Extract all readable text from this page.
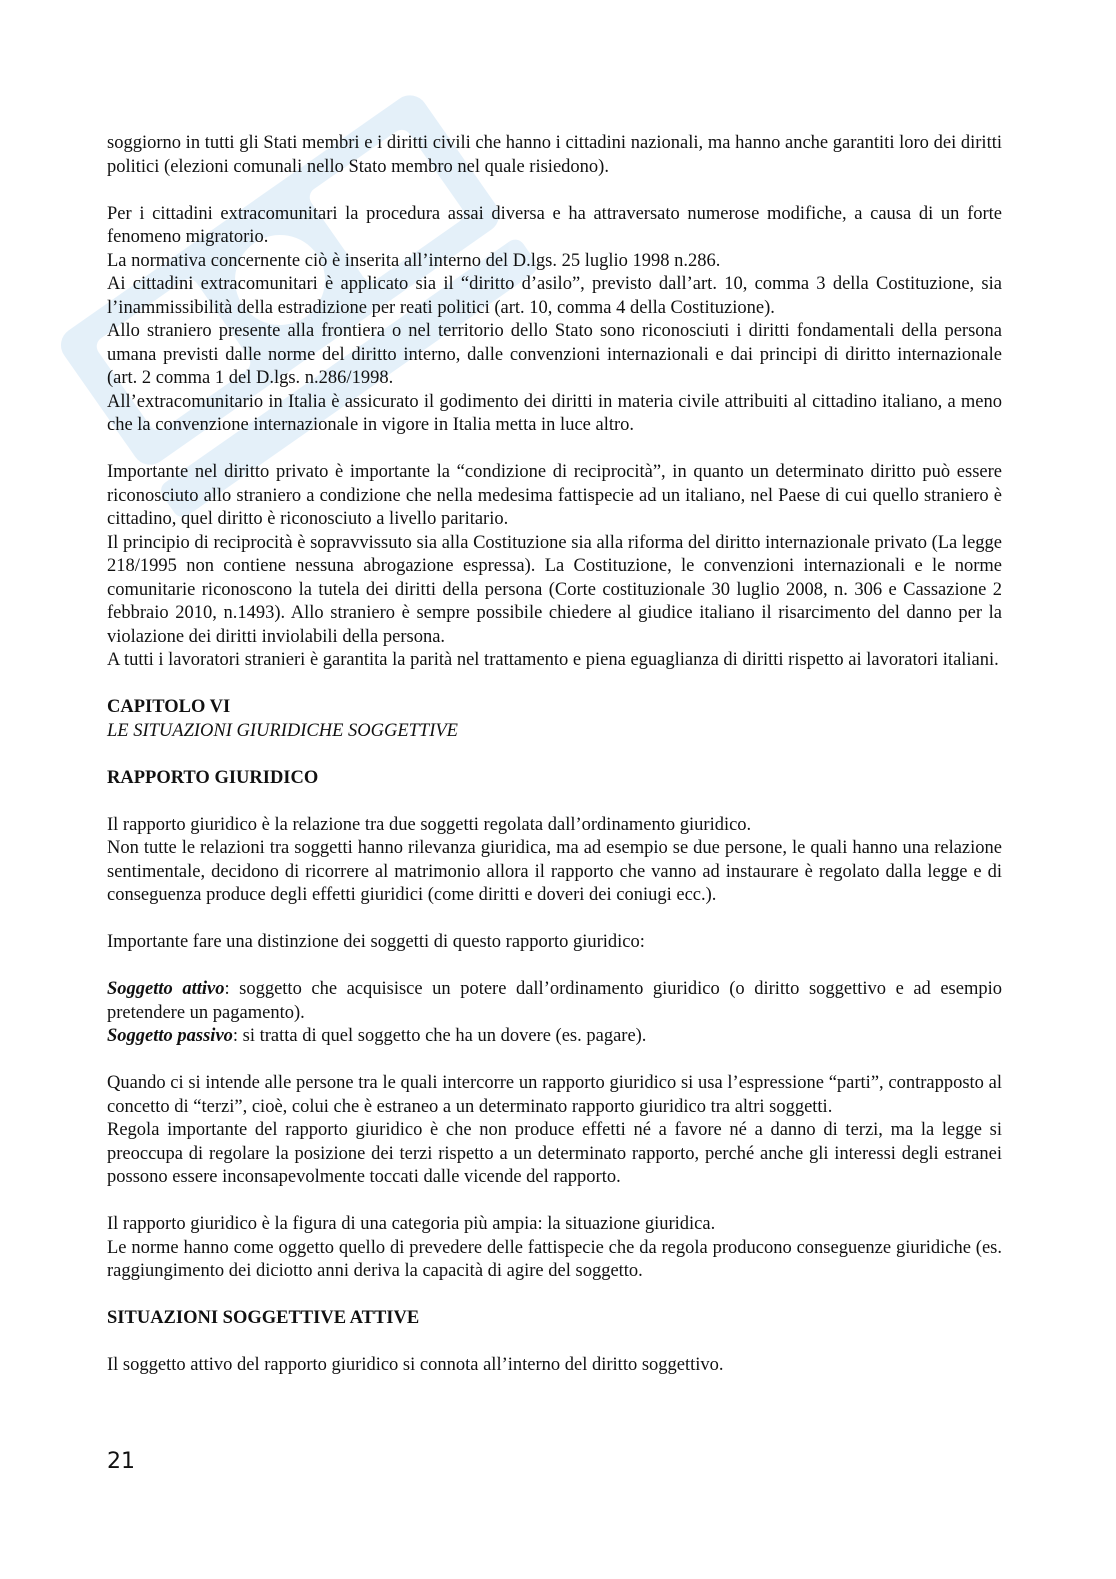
soggiorno in tutti gli Stati membri e i diritti civili che hanno i cittadini nazionali, ma hanno anche garantiti loro dei diritti politici (elezioni comunali nello Stato membro nel quale risiedono).

Per i cittadini extracomunitari la procedura assai diversa e ha attraversato numerose modifiche, a causa di un forte fenomeno migratorio.

La normativa concernente ciò è inserita all’interno del D.lgs. 25 luglio 1998 n.286.

Ai cittadini extracomunitari è applicato sia il “diritto d’asilo”, previsto dall’art. 10, comma 3 della Costituzione, sia l’inammissibilità della estradizione per reati politici (art. 10, comma 4 della Costituzione).

Allo straniero presente alla frontiera o nel territorio dello Stato sono riconosciuti i diritti fondamentali della persona umana previsti dalle norme del diritto interno, dalle convenzioni internazionali e dai principi di diritto internazionale (art. 2 comma 1 del D.lgs. n.286/1998.

All’extracomunitario in Italia è assicurato il godimento dei diritti in materia civile attribuiti al cittadino italiano, a meno che la convenzione internazionale in vigore in Italia metta in luce altro.

Importante nel diritto privato è importante la “condizione di reciprocità”, in quanto un determinato diritto può essere riconosciuto allo straniero a condizione che nella medesima fattispecie ad un italiano, nel Paese di cui quello straniero è cittadino, quel diritto è riconosciuto a livello paritario.

Il principio di reciprocità è sopravvissuto sia alla Costituzione sia alla riforma del diritto internazionale privato (La legge 218/1995 non contiene nessuna abrogazione espressa). La Costituzione, le convenzioni internazionali e le norme comunitarie riconoscono la tutela dei diritti della persona (Corte costituzionale 30 luglio 2008, n. 306 e Cassazione 2 febbraio 2010, n.1493). Allo straniero è sempre possibile chiedere al giudice italiano il risarcimento del danno per la violazione dei diritti inviolabili della persona.

A tutti i lavoratori stranieri è garantita la parità nel trattamento e piena eguaglianza di diritti rispetto ai lavoratori italiani.

CAPITOLO VI

LE SITUAZIONI GIURIDICHE SOGGETTIVE

RAPPORTO GIURIDICO

Il rapporto giuridico è la relazione tra due soggetti regolata dall’ordinamento giuridico.

Non tutte le relazioni tra soggetti hanno rilevanza giuridica, ma ad esempio se due persone, le quali hanno una relazione sentimentale, decidono di ricorrere al matrimonio allora il rapporto che vanno ad instaurare è regolato dalla legge e di conseguenza produce degli effetti giuridici (come diritti e doveri dei coniugi ecc.).

Importante fare una distinzione dei soggetti di questo rapporto giuridico:

Soggetto attivo: soggetto che acquisisce un potere dall’ordinamento giuridico (o diritto soggettivo e ad esempio pretendere un pagamento).

Soggetto passivo: si tratta di quel soggetto che ha un dovere (es. pagare).

Quando ci si intende alle persone tra le quali intercorre un rapporto giuridico si usa l’espressione “parti”, contrapposto al concetto di “terzi”, cioè, colui che è estraneo a un determinato rapporto giuridico tra altri soggetti.

Regola importante del rapporto giuridico è che non produce effetti né a favore né a danno di terzi, ma la legge si preoccupa di regolare la posizione dei terzi rispetto a un determinato rapporto, perché anche gli interessi degli estranei possono essere inconsapevolmente toccati dalle vicende del rapporto.

Il rapporto giuridico è la figura di una categoria più ampia: la situazione giuridica.

Le norme hanno come oggetto quello di prevedere delle fattispecie che da regola producono conseguenze giuridiche (es. raggiungimento dei diciotto anni deriva la capacità di agire del soggetto.

SITUAZIONI SOGGETTIVE ATTIVE

Il soggetto attivo del rapporto giuridico si connota all’interno del diritto soggettivo.

21
